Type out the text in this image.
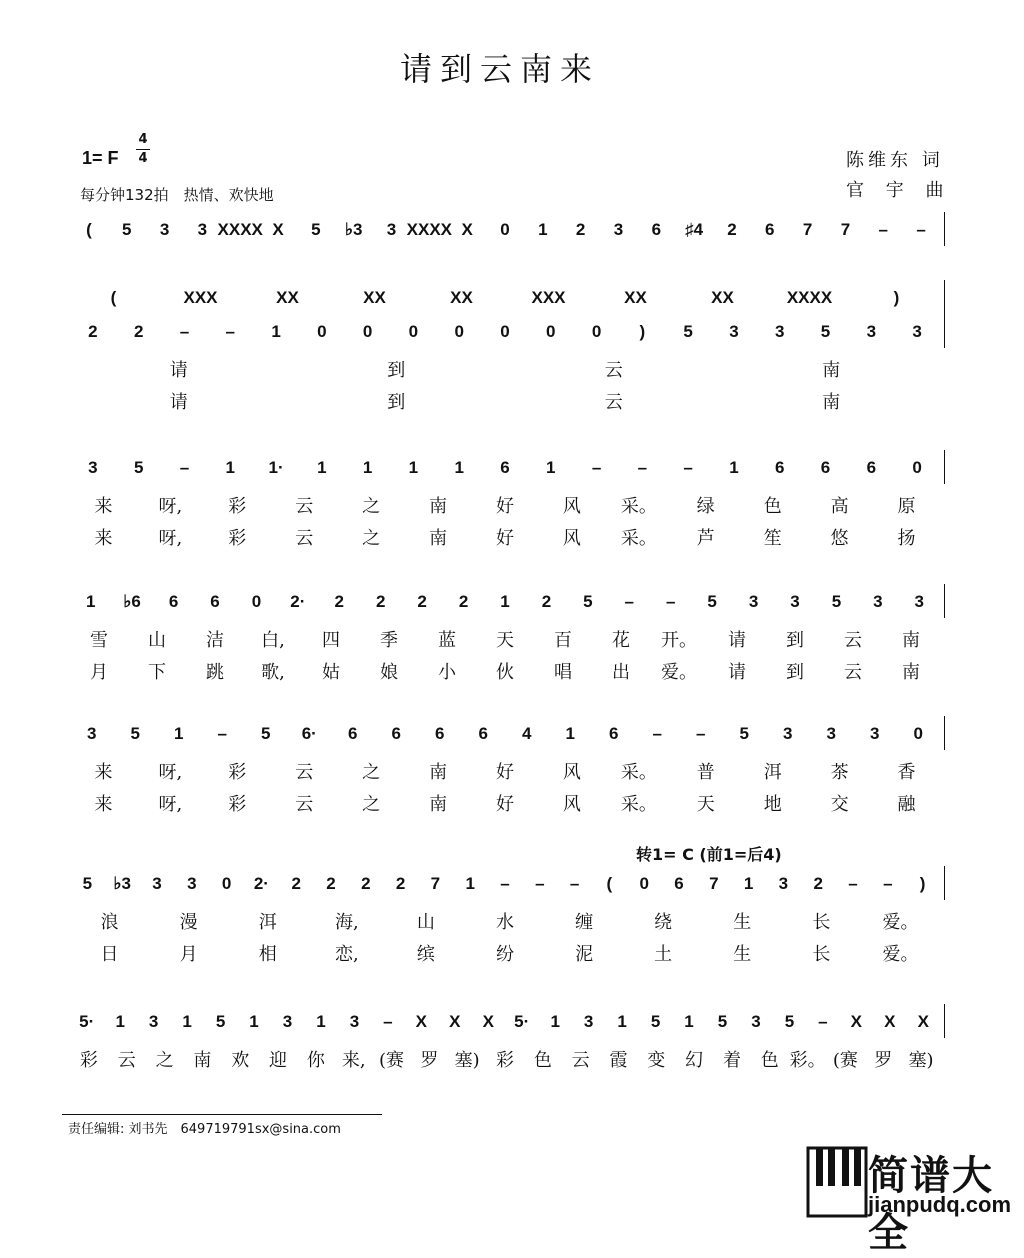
请到云南来
1= F
4
4
每分钟132拍　热情、欢快地
陈维东 词
官 宇 曲
转1= C (前1=后4)
( 5 3 3 XXXX X 5 ♭3 3 XXXX X 0 1 2 3 6 ♯4 2 6 7 7 – –
(	XXX	XX	XX	XX	XXX	XX	XX	XXXX	)
2 2 – – 1 0 0 0 0 0 0 0 ) 5 3 3 5 3 3
请	到	云	南
请	到	云	南
3 5 – 1 1· 1 1 1 1 6 1 – – – 1 6 6 6 0
来	呀,	彩	云	之	南	好	风 采。 绿	色	高	原
来	呀,	彩	云	之	南	好	风 采。 芦	笙	悠	扬
1 ♭6 6 6 0 2· 2 2 2 2 1 2 5 – – 5 3 3 5 3 3
雪 山 洁 白, 四 季 蓝 天 百 花 开。 请 到 云 南
月 下 跳 歌, 姑 娘 小 伙 唱 出 爱。 请 到 云 南
3 5 1 – 5 6· 6 6 6 6 4 1 6 – – 5 3 3 3 0
来	呀,	彩	云	之	南	好	风 采。 普	洱	茶	香
来	呀,	彩	云	之	南	好	风 采。 天	地	交	融
5 ♭3 3 3 0 2· 2 2 2 2 7 1 – – – ( 0 6 7 1 3 2 – – )
浪	漫	洱	海,	山	水	缠	绕	生	长	爱。
日	月	相	恋,	缤	纷	泥	土	生	长	爱。
5· 1 3 1 5 1 3 1 3 – X X X 5· 1 3 1 5 1 5 3 5 – X X X
彩 云 之 南 欢 迎 你 来, (赛 罗 塞) 彩 色 云 霞 变 幻 着 色 彩。 (赛 罗 塞)
责任编辑: 刘书先　6497197​91sx@sina.com
简谱大全
jianpudq.com
